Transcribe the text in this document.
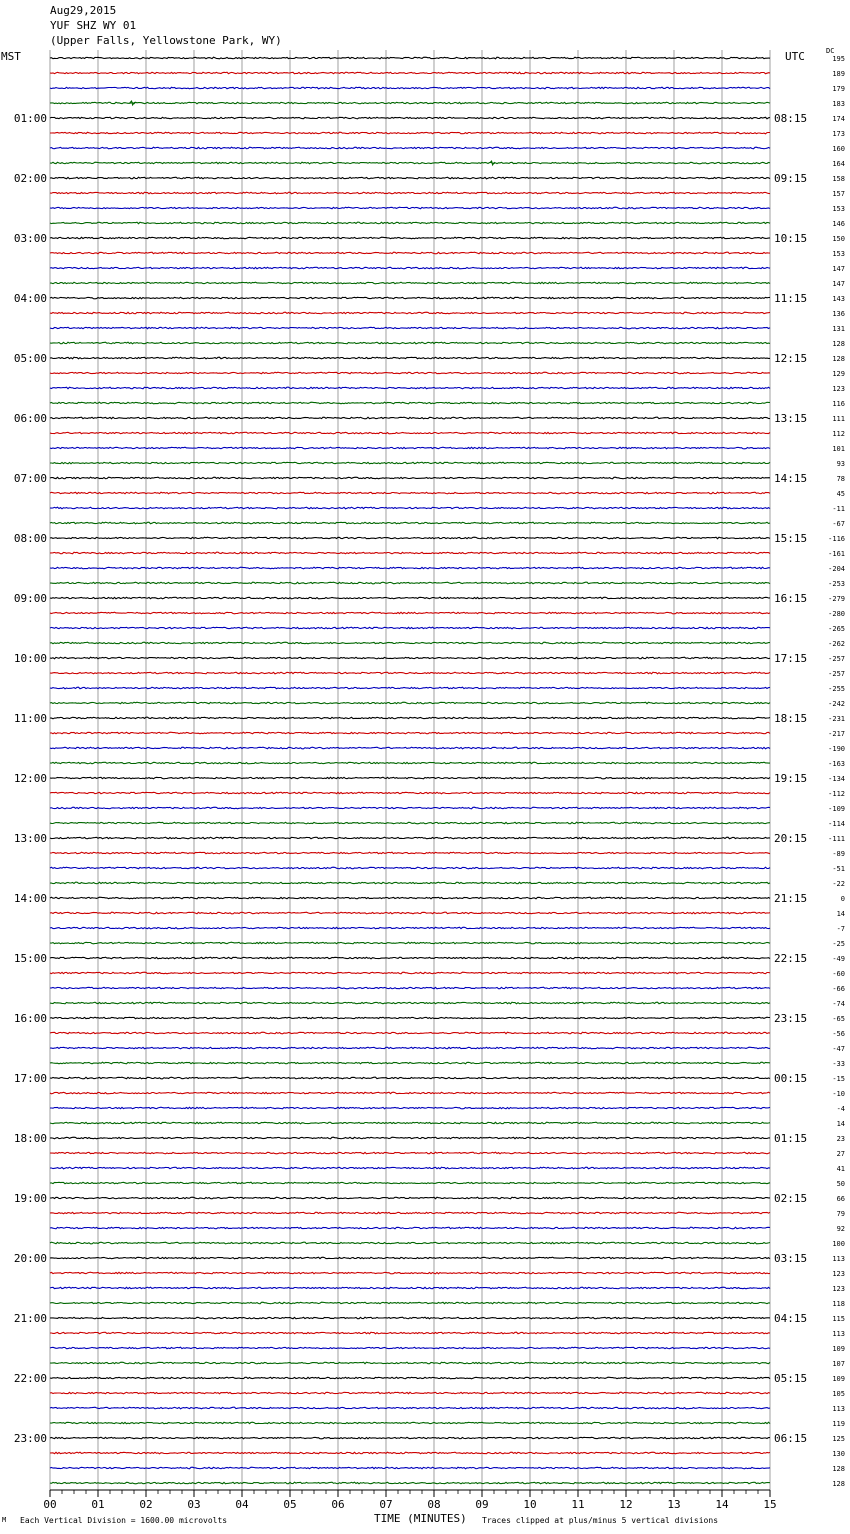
Aug29,2015
YUF SHZ WY 01
(Upper Falls, Yellowstone Park, WY)
MST	UTC	DC
00	01	02	03	04	05	06	07	08	09	10	11	12	13	14	15
195
189
179
183
174
173
160
164
158
157
153
146
150
153
147
147
143
136
131
128
128
129
123
116
111
112
101
93
78
45
-11
-67
-116
-161
-204
-253
-279
-280
-265
-262
-257
-257
-255
-242
-231
-217
-190
-163
-134
-112
-109
-114
-111
-89
-51
-22
0
14
-7
-25
-49
-60
-66
-74
-65
-56
-47
-33
-15
-10
-4
14
23
27
41
50
66
79
92
100
113
123
123
118
115
113
109
107
109
105
113
119
125
130
128
128
01:00
02:00
03:00
04:00
05:00
06:00
07:00
08:00
09:00
10:00
11:00
12:00
13:00
14:00
15:00
16:00
17:00
18:00
19:00
20:00
21:00
22:00
23:00
08:15
09:15
10:15
11:15
12:15
13:15
14:15
15:15
16:15
17:15
18:15
19:15
20:15
21:15
22:15
23:15
00:15
01:15
02:15
03:15
04:15
05:15
06:15
M Each Vertical Division = 1600.00 microvolts	TIME (MINUTES) Traces clipped at plus/minus 5 vertical divisions
